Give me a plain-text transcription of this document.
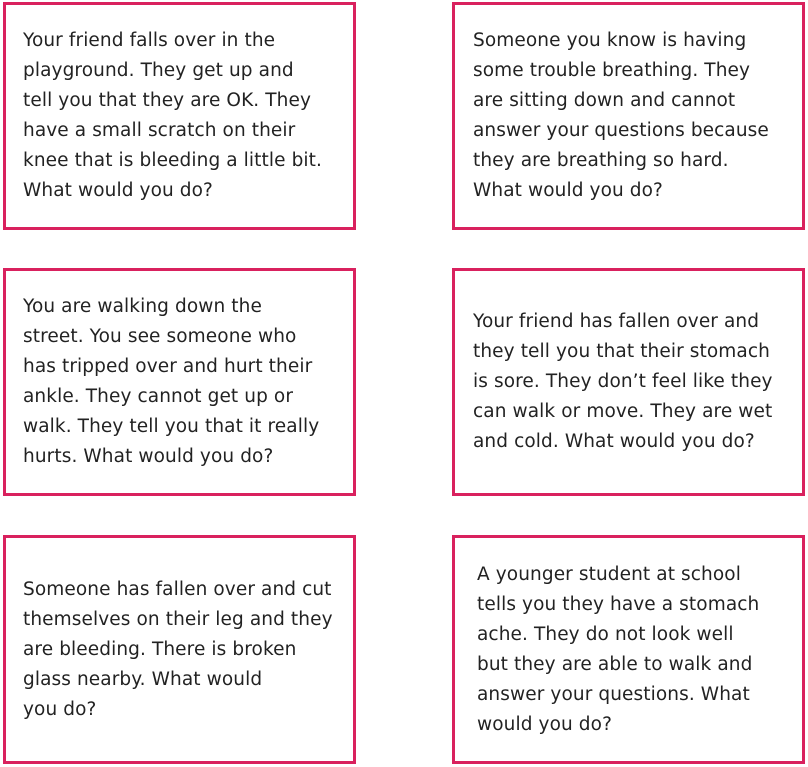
Your friend falls over in the
playground. They get up and
tell you that they are OK. They
have a small scratch on their
knee that is bleeding a little bit.
What would you do?

Someone you know is having
some trouble breathing. They
are sitting down and cannot
answer your questions because
they are breathing so hard.
What would you do?

You are walking down the
street. You see someone who
has tripped over and hurt their
ankle. They cannot get up or
walk. They tell you that it really
hurts. What would you do?

Your friend has fallen over and
they tell you that their stomach
is sore. They don’t feel like they
can walk or move. They are wet
and cold. What would you do?

Someone has fallen over and cut
themselves on their leg and they
are bleeding. There is broken
glass nearby. What would
you do?

A younger student at school
tells you they have a stomach
ache. They do not look well
but they are able to walk and
answer your questions. What
would you do?
